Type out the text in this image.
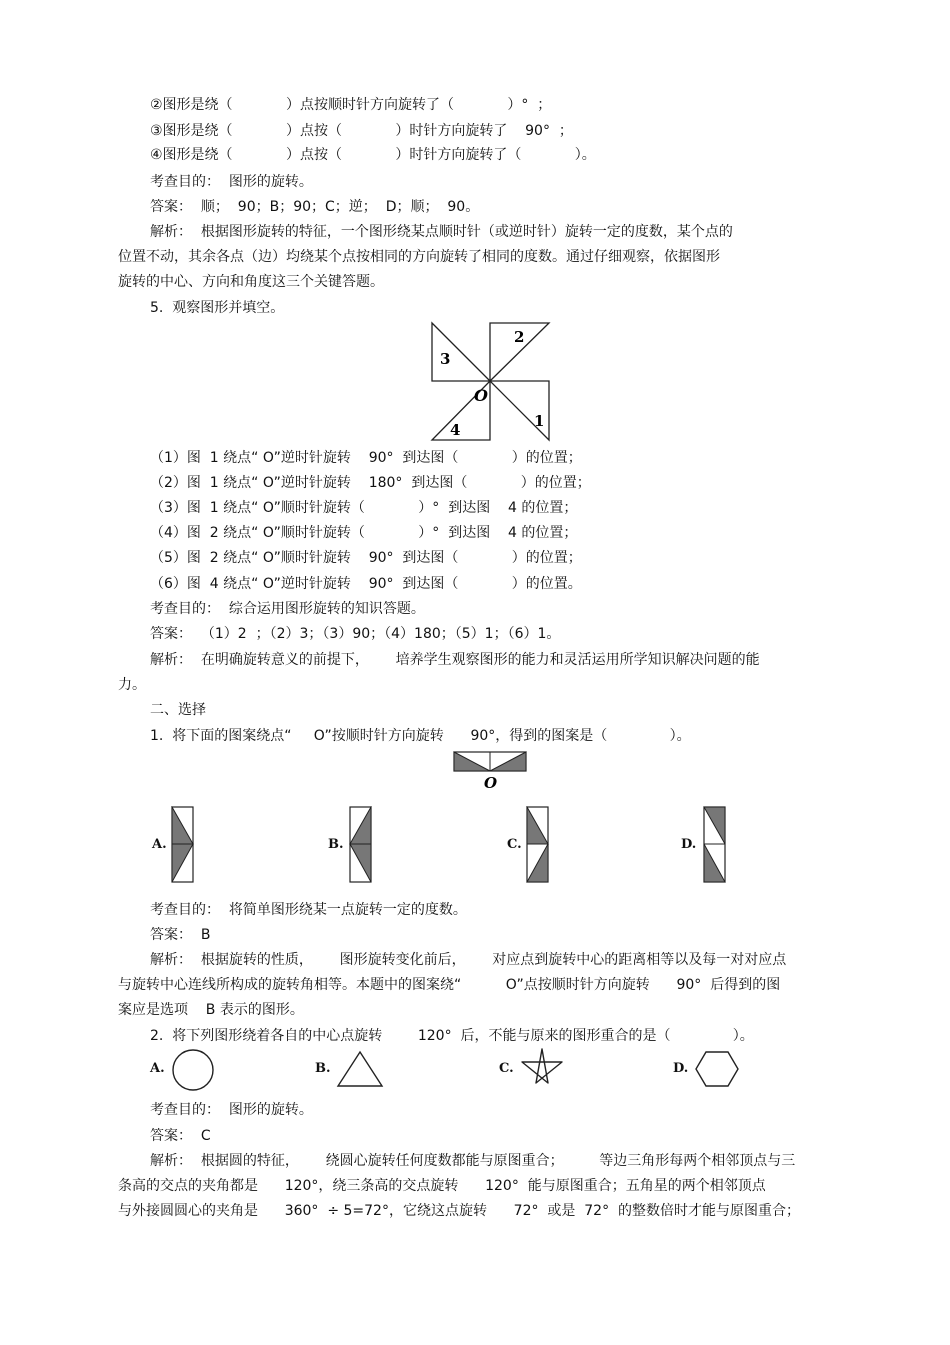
②图形是绕（            ）点按顺时针方向旋转了（            ）°  ；
③图形是绕（            ）点按（            ）时针方向旋转了    90°  ；
④图形是绕（            ）点按（            ）时针方向旋转了（            ）。
考查目的：  图形的旋转。
答案：  顺；  90；B；90；C；逆；  D；顺；  90。
解析：  根据图形旋转的特征，一个图形绕某点顺时针（或逆时针）旋转一定的度数，某个点的
位置不动，其余各点（边）均绕某个点按相同的方向旋转了相同的度数。通过仔细观察，依据图形
旋转的中心、方向和角度这三个关键答题。
5.  观察图形并填空。
2
3
1
4
O
（1）图  1 绕点“ O”逆时针旋转    90°  到达图（            ）的位置；
（2）图  1 绕点“ O”逆时针旋转    180°  到达图（            ）的位置；
（3）图  1 绕点“ O”顺时针旋转（            ）°  到达图    4 的位置；
（4）图  2 绕点“ O”顺时针旋转（            ）°  到达图    4 的位置；
（5）图  2 绕点“ O”顺时针旋转    90°  到达图（            ）的位置；
（6）图  4 绕点“ O”逆时针旋转    90°  到达图（            ）的位置。
考查目的：  综合运用图形旋转的知识答题。
答案：  （1）2  ；（2）3；（3）90；（4）180；（5）1；（6）1。
解析：  在明确旋转意义的前提下，      培养学生观察图形的能力和灵活运用所学知识解决问题的能
力。
二、选择
1.  将下面的图案绕点“     O”按顺时针方向旋转      90°，得到的图案是（              ）。
O
A.	B.	C.	D.
考查目的：  将简单图形绕某一点旋转一定的度数。
答案：  B
解析：  根据旋转的性质，      图形旋转变化前后，      对应点到旋转中心的距离相等以及每一对对应点
与旋转中心连线所构成的旋转角相等。本题中的图案绕“          O”点按顺时针方向旋转      90°  后得到的图
案应是选项    B 表示的图形。
2.  将下列图形绕着各自的中心点旋转        120°  后，不能与原来的图形重合的是（              ）。
A.	B.	C.	D.
考查目的：  图形的旋转。
答案：  C
解析：  根据圆的特征，      绕圆心旋转任何度数都能与原图重合；        等边三角形每两个相邻顶点与三
条高的交点的夹角都是      120°，绕三条高的交点旋转      120°  能与原图重合；五角星的两个相邻顶点
与外接圆圆心的夹角是      360°  ÷ 5=72°，它绕这点旋转      72°  或是  72°  的整数倍时才能与原图重合；
